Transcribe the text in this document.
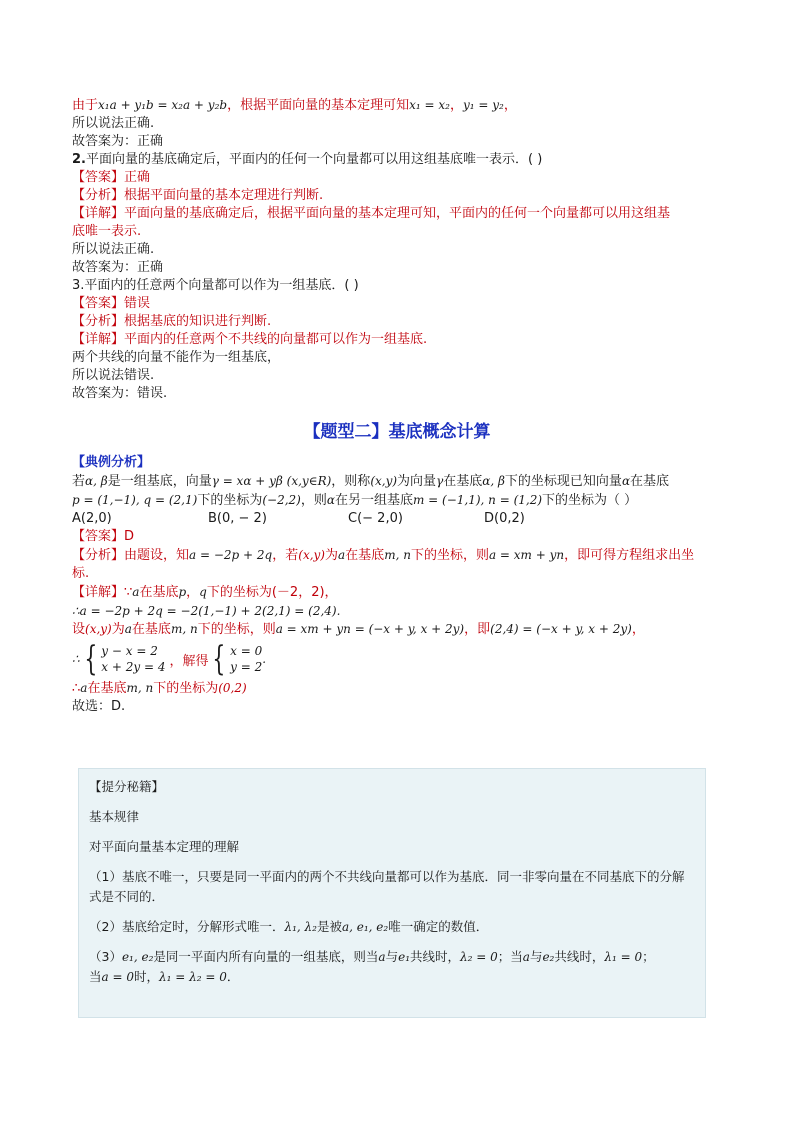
由于x₁a + y₁b = x₂a + y₂b，根据平面向量的基本定理可知x₁ = x₂，y₁ = y₂，
所以说法正确.
故答案为：正确
2.平面向量的基底确定后，平面内的任何一个向量都可以用这组基底唯一表示．( )
【答案】正确
【分析】根据平面向量的基本定理进行判断.
【详解】平面向量的基底确定后，根据平面向量的基本定理可知，平面内的任何一个向量都可以用这组基
底唯一表示.
所以说法正确.
故答案为：正确
3.平面内的任意两个向量都可以作为一组基底．( )
【答案】错误
【分析】根据基底的知识进行判断.
【详解】平面内的任意两个不共线的向量都可以作为一组基底.
两个共线的向量不能作为一组基底，
所以说法错误.
故答案为：错误.
【题型二】基底概念计算
【典例分析】
若α, β是一组基底，向量γ = xα + yβ (x,y∈R)，则称(x,y)为向量γ在基底α, β下的坐标现已知向量α在基底
p = (1,−1), q = (2,1)下的坐标为(−2,2)，则α在另一组基底m = (−1,1), n = (1,2)下的坐标为（ ）
A(2,0)	B(0, − 2)	C(− 2,0)	D(0,2)
【答案】D
【分析】由题设，知a = −2p + 2q，若(x,y)为a在基底m, n下的坐标，则a = xm + yn，即可得方程组求出坐
标.
【详解】∵a在基底p，q下的坐标为(－2，2)，
∴a = −2p + 2q = −2(1,−1) + 2(2,1) = (2,4).
设(x,y)为a在基底m, n下的坐标，则a = xm + yn = (−x + y, x + 2y)，即(2,4) = (−x + y, x + 2y)，
∴ { y − x = 2
x + 2y = 4 ，解得 { x = 0
y = 2
.
∴a在基底m, n下的坐标为(0,2)
故选：D.

【提分秘籍】

基本规律

对平面向量基本定理的理解

（1）基底不唯一，只要是同一平面内的两个不共线向量都可以作为基底．同一非零向量在不同基底下的分解式是不同的．

（2）基底给定时，分解形式唯一．λ₁, λ₂是被a, e₁, e₂唯一确定的数值．

（3）e₁, e₂是同一平面内所有向量的一组基底，则当a与e₁共线时，λ₂ = 0；当a与e₂共线时，λ₁ = 0；
当a = 0时，λ₁ = λ₂ = 0．
